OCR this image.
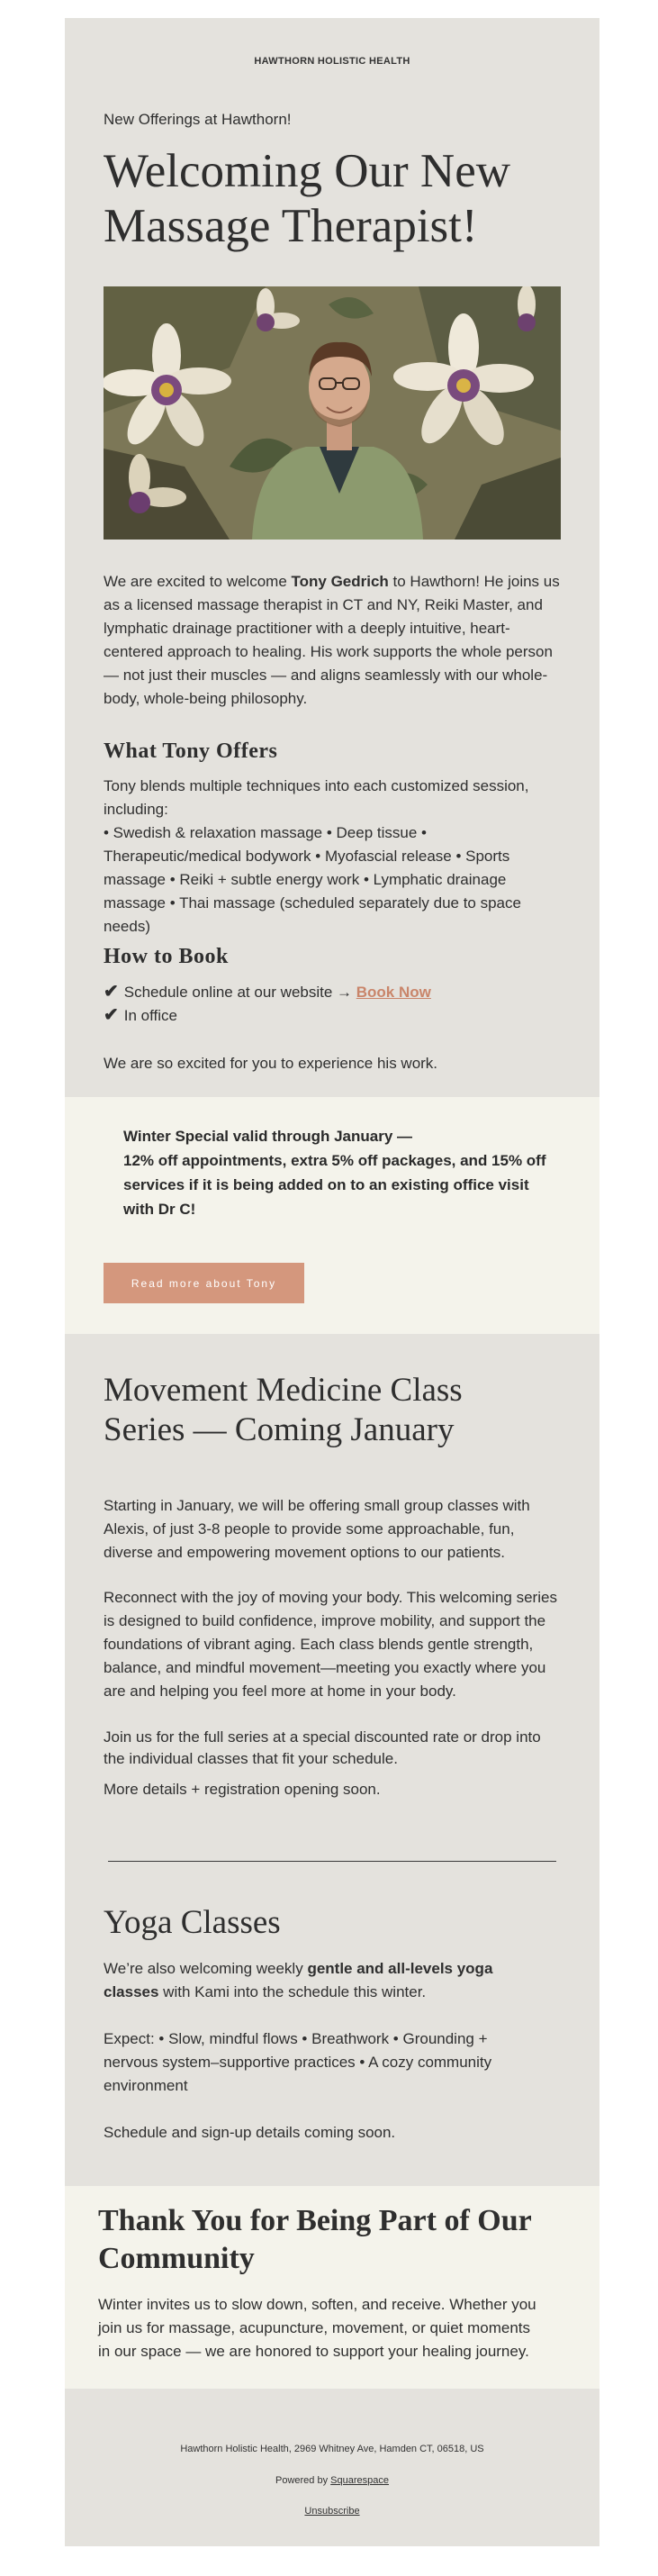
HAWTHORN HOLISTIC HEALTH
New Offerings at Hawthorn!
Welcoming Our New Massage Therapist!

We are excited to welcome Tony Gedrich to Hawthorn! He joins us as a licensed massage therapist in CT and NY, Reiki Master, and lymphatic drainage practitioner with a deeply intuitive, heart-centered approach to healing. His work supports the whole person — not just their muscles — and aligns seamlessly with our whole-body, whole-being philosophy.

What Tony Offers
Tony blends multiple techniques into each customized session, including:
• Swedish & relaxation massage • Deep tissue • Therapeutic/medical bodywork • Myofascial release • Sports massage • Reiki + subtle energy work • Lymphatic drainage massage • Thai massage (scheduled separately due to space needs)
How to Book
✔ Schedule online at our website → Book Now
✔ In office

We are so excited for you to experience his work.

Winter Special valid through January —
12% off appointments, extra 5% off packages, and 15% off services if it is being added on to an existing office visit with Dr C!

Read more about Tony
Movement Medicine Class Series — Coming January

Starting in January, we will be offering small group classes with Alexis, of just 3-8 people to provide some approachable, fun, diverse and empowering movement options to our patients.

Reconnect with the joy of moving your body. This welcoming series is designed to build confidence, improve mobility, and support the foundations of vibrant aging. Each class blends gentle strength, balance, and mindful movement—meeting you exactly where you are and helping you feel more at home in your body.

Join us for the full series at a special discounted rate or drop into the individual classes that fit your schedule.

More details + registration opening soon.

Yoga Classes

We’re also welcoming weekly gentle and all-levels yoga classes with Kami into the schedule this winter.

Expect: • Slow, mindful flows • Breathwork • Grounding + nervous system–supportive practices • A cozy community environment

Schedule and sign-up details coming soon.

Thank You for Being Part of Our Community

Winter invites us to slow down, soften, and receive. Whether you join us for massage, acupuncture, movement, or quiet moments in our space — we are honored to support your healing journey.

Hawthorn Holistic Health, 2969 Whitney Ave, Hamden CT, 06518, US
Powered by Squarespace
Unsubscribe
